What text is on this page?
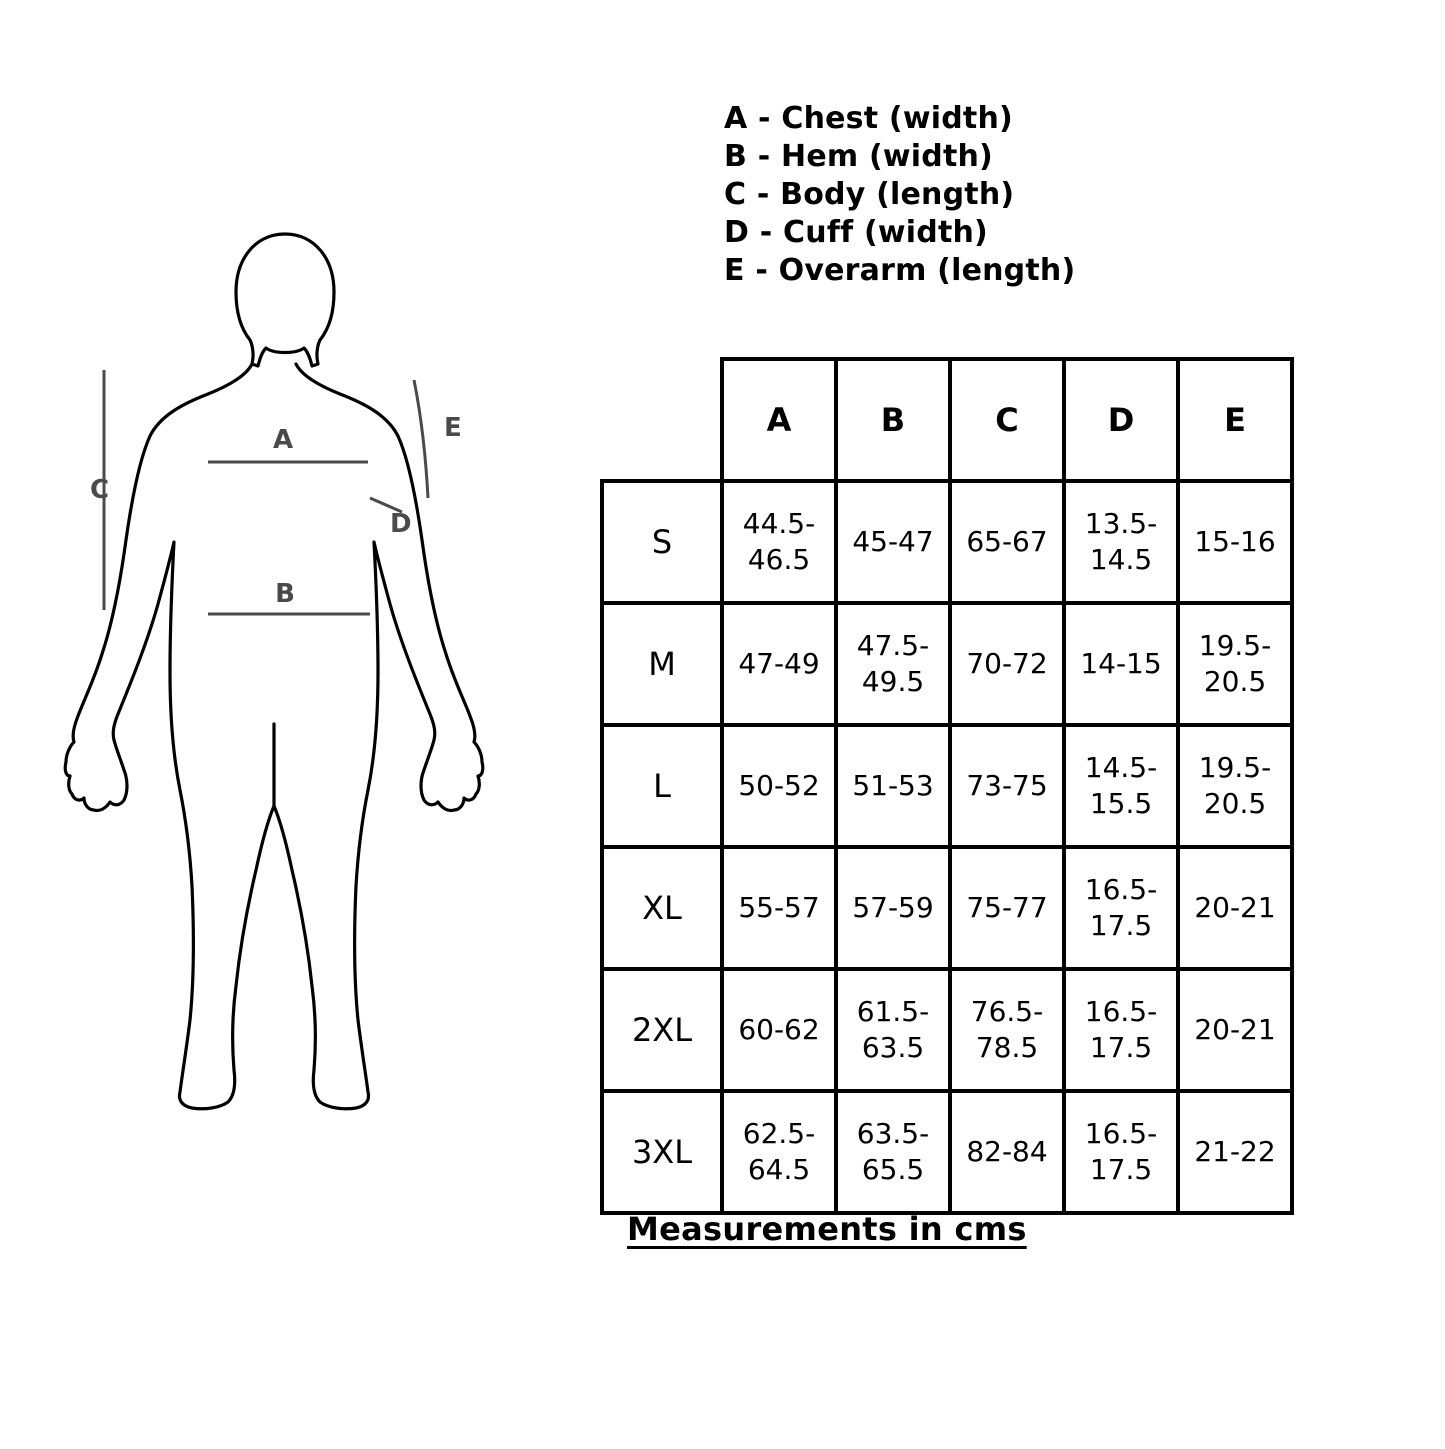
C
A
B
E
D
A - Chest (width)
B - Hem (width)
C - Body (length)
D - Cuff (width)
E - Overarm (length)
	A	B	C	D	E
S	44.5-46.5	45-47	65-67	13.5-14.5	15-16
M	47-49	47.5-49.5	70-72	14-15	19.5-20.5
L	50-52	51-53	73-75	14.5-15.5	19.5-20.5
XL	55-57	57-59	75-77	16.5-17.5	20-21
2XL	60-62	61.5-63.5	76.5-78.5	16.5-17.5	20-21
3XL	62.5-64.5	63.5-65.5	82-84	16.5-17.5	21-22
Measurements in cms
